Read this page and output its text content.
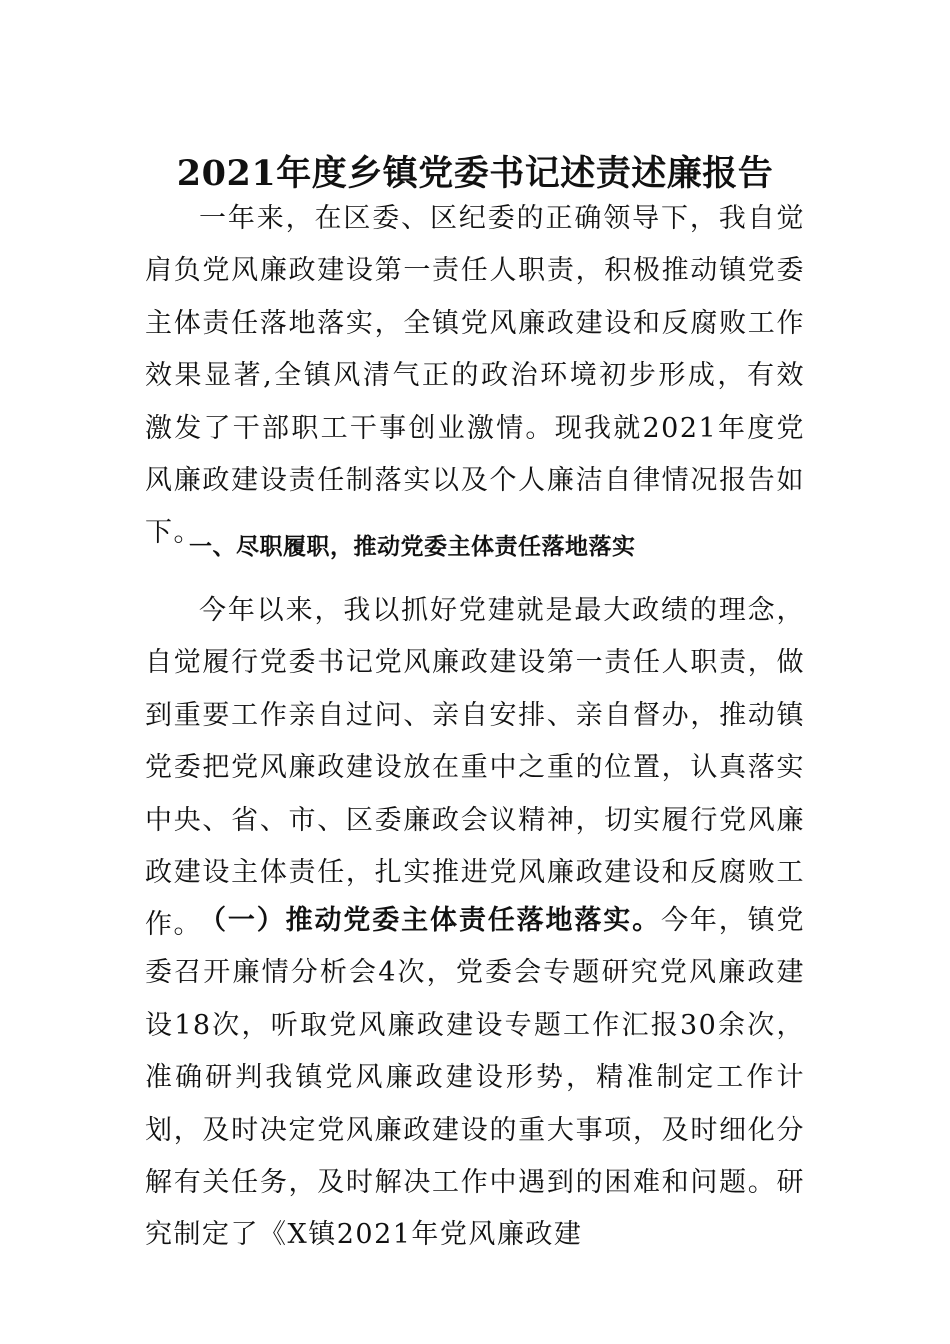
2021年度乡镇党委书记述责述廉报告

一年来，在区委、区纪委的正确领导下，我自觉肩负党风廉政建设第一责任人职责，积极推动镇党委主体责任落地落实，全镇党风廉政建设和反腐败工作效果显著,全镇风清气正的政治环境初步形成，有效激发了干部职工干事创业激情。现我就2021年度党风廉政建设责任制落实以及个人廉洁自律情况报告如下。

一、尽职履职，推动党委主体责任落地落实

今年以来，我以抓好党建就是最大政绩的理念，自觉履行党委书记党风廉政建设第一责任人职责，做到重要工作亲自过问、亲自安排、亲自督办，推动镇党委把党风廉政建设放在重中之重的位置，认真落实中央、省、市、区委廉政会议精神，切实履行党风廉政建设主体责任，扎实推进党风廉政建设和反腐败工作。

（一）推动党委主体责任落地落实。今年，镇党委召开廉情分析会4次，党委会专题研究党风廉政建设18次，听取党风廉政建设专题工作汇报30余次，准确研判我镇党风廉政建设形势，精准制定工作计划，及时决定党风廉政建设的重大事项，及时细化分解有关任务，及时解决工作中遇到的困难和问题。研究制定了《X镇2021年党风廉政建
